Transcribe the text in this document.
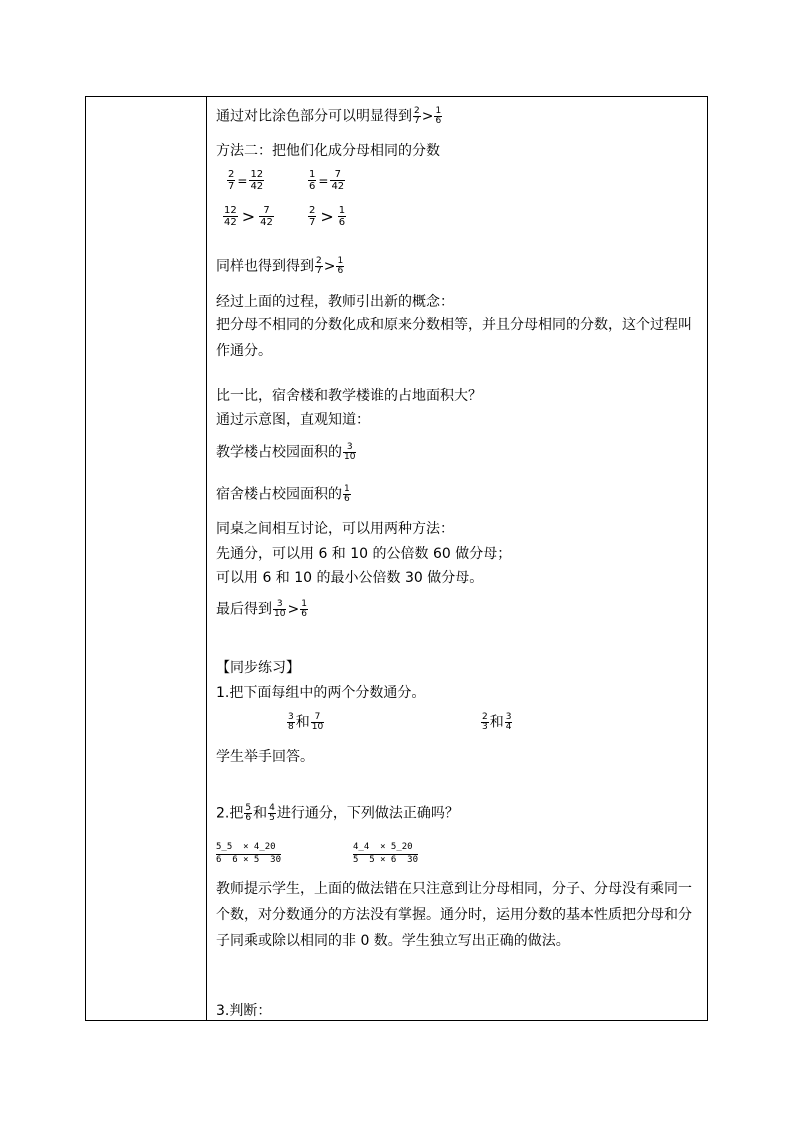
通过对比涂色部分可以明显得到 $\frac{2}{7} > \frac{1}{6}$
方法二：把他们化成分母相同的分数
$\frac{2}{7} = \frac{12}{42}$	$\frac{1}{6} = \frac{7}{42}$
$\frac{12}{42} > \frac{7}{42}$	$\frac{2}{7} > \frac{1}{6}$
同样也得到得到 $\frac{2}{7} > \frac{1}{6}$
经过上面的过程，教师引出新的概念：
把分母不相同的分数化成和原来分数相等，并且分母相同的分数，这个过程叫作通分。
比一比，宿舍楼和教学楼谁的占地面积大？
通过示意图，直观知道：
教学楼占校园面积的 $\frac{3}{10}$
宿舍楼占校园面积的 $\frac{1}{6}$
同桌之间相互讨论，可以用两种方法：
先通分，可以用 6 和 10 的公倍数 60 做分母；
可以用 6 和 10 的最小公倍数 30 做分母。
最后得到 $\frac{3}{10} > \frac{1}{6}$
【同步练习】
1.把下面每组中的两个分数通分。
$\frac{3}{8}$ 和 $\frac{7}{10}$	$\frac{2}{3}$ 和 $\frac{3}{4}$
学生举手回答。
2.把 $\frac{5}{6}$ 和 $\frac{4}{5}$ 进行通分，下列做法正确吗？
5_5  × 4_20
6  6 × 5  30
4_4  × 5_20
5  5 × 6  30
教师提示学生，上面的做法错在只注意到让分母相同，分子、分母没有乘同一个数，对分数通分的方法没有掌握。通分时，运用分数的基本性质把分母和分子同乘或除以相同的非 0 数。学生独立写出正确的做法。
3.判断：
